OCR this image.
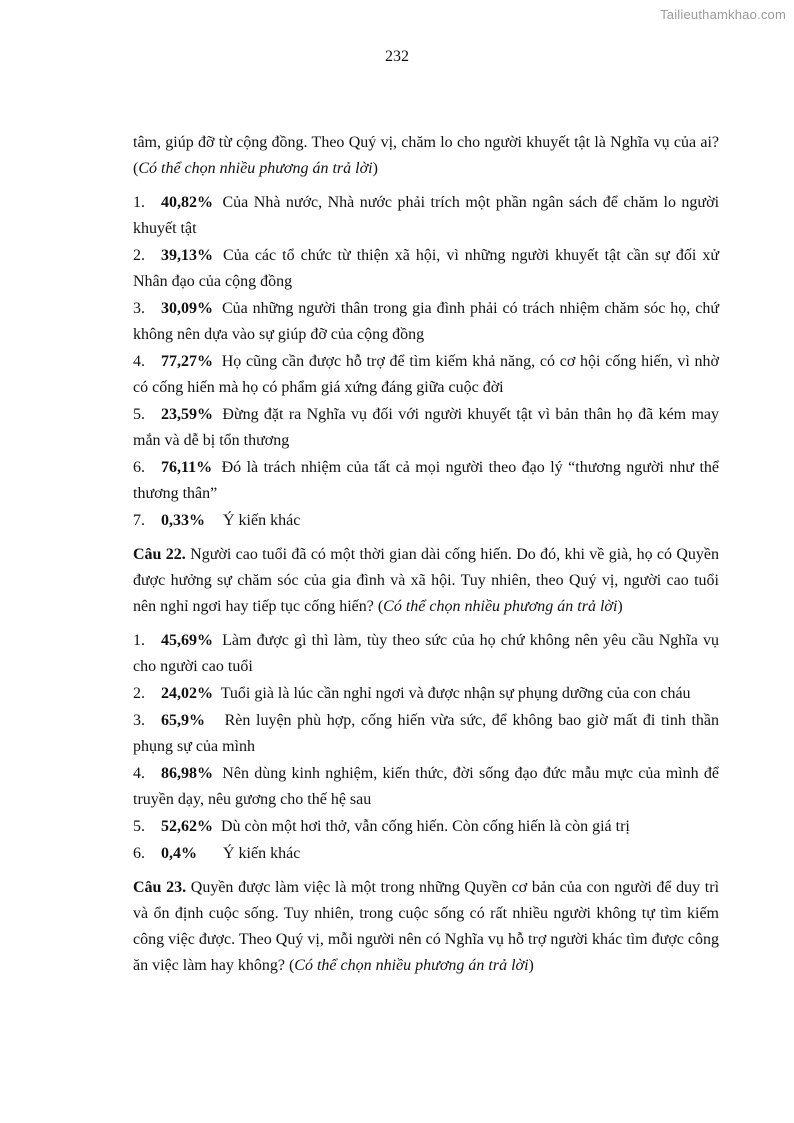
Tailieuthamkhao.com
232

tâm, giúp đỡ từ cộng đồng. Theo Quý vị, chăm lo cho người khuyết tật là Nghĩa vụ của ai? (Có thể chọn nhiều phương án trả lời)

1. 40,82% Của Nhà nước, Nhà nước phải trích một phần ngân sách để chăm lo người khuyết tật

2. 39,13% Của các tổ chức từ thiện xã hội, vì những người khuyết tật cần sự đối xử Nhân đạo của cộng đồng

3. 30,09% Của những người thân trong gia đình phải có trách nhiệm chăm sóc họ, chứ không nên dựa vào sự giúp đỡ của cộng đồng

4. 77,27% Họ cũng cần được hỗ trợ để tìm kiếm khả năng, có cơ hội cống hiến, vì nhờ có cống hiến mà họ có phẩm giá xứng đáng giữa cuộc đời

5. 23,59% Đừng đặt ra Nghĩa vụ đối với người khuyết tật vì bản thân họ đã kém may mắn và dễ bị tổn thương

6. 76,11% Đó là trách nhiệm của tất cả mọi người theo đạo lý “thương người như thể thương thân”

7. 0,33% Ý kiến khác

Câu 22. Người cao tuổi đã có một thời gian dài cống hiến. Do đó, khi về già, họ có Quyền được hưởng sự chăm sóc của gia đình và xã hội. Tuy nhiên, theo Quý vị, người cao tuổi nên nghỉ ngơi hay tiếp tục cống hiến? (Có thể chọn nhiều phương án trả lời)

1. 45,69% Làm được gì thì làm, tùy theo sức của họ chứ không nên yêu cầu Nghĩa vụ cho người cao tuổi

2. 24,02% Tuổi già là lúc cần nghỉ ngơi và được nhận sự phụng dưỡng của con cháu

3. 65,9% Rèn luyện phù hợp, cống hiến vừa sức, để không bao giờ mất đi tinh thần phụng sự của mình

4. 86,98% Nên dùng kinh nghiệm, kiến thức, đời sống đạo đức mẫu mực của mình để truyền dạy, nêu gương cho thế hệ sau

5. 52,62% Dù còn một hơi thở, vẫn cống hiến. Còn cống hiến là còn giá trị

6. 0,4% Ý kiến khác

Câu 23. Quyền được làm việc là một trong những Quyền cơ bản của con người để duy trì và ổn định cuộc sống. Tuy nhiên, trong cuộc sống có rất nhiều người không tự tìm kiếm công việc được. Theo Quý vị, mỗi người nên có Nghĩa vụ hỗ trợ người khác tìm được công ăn việc làm hay không? (Có thể chọn nhiều phương án trả lời)
